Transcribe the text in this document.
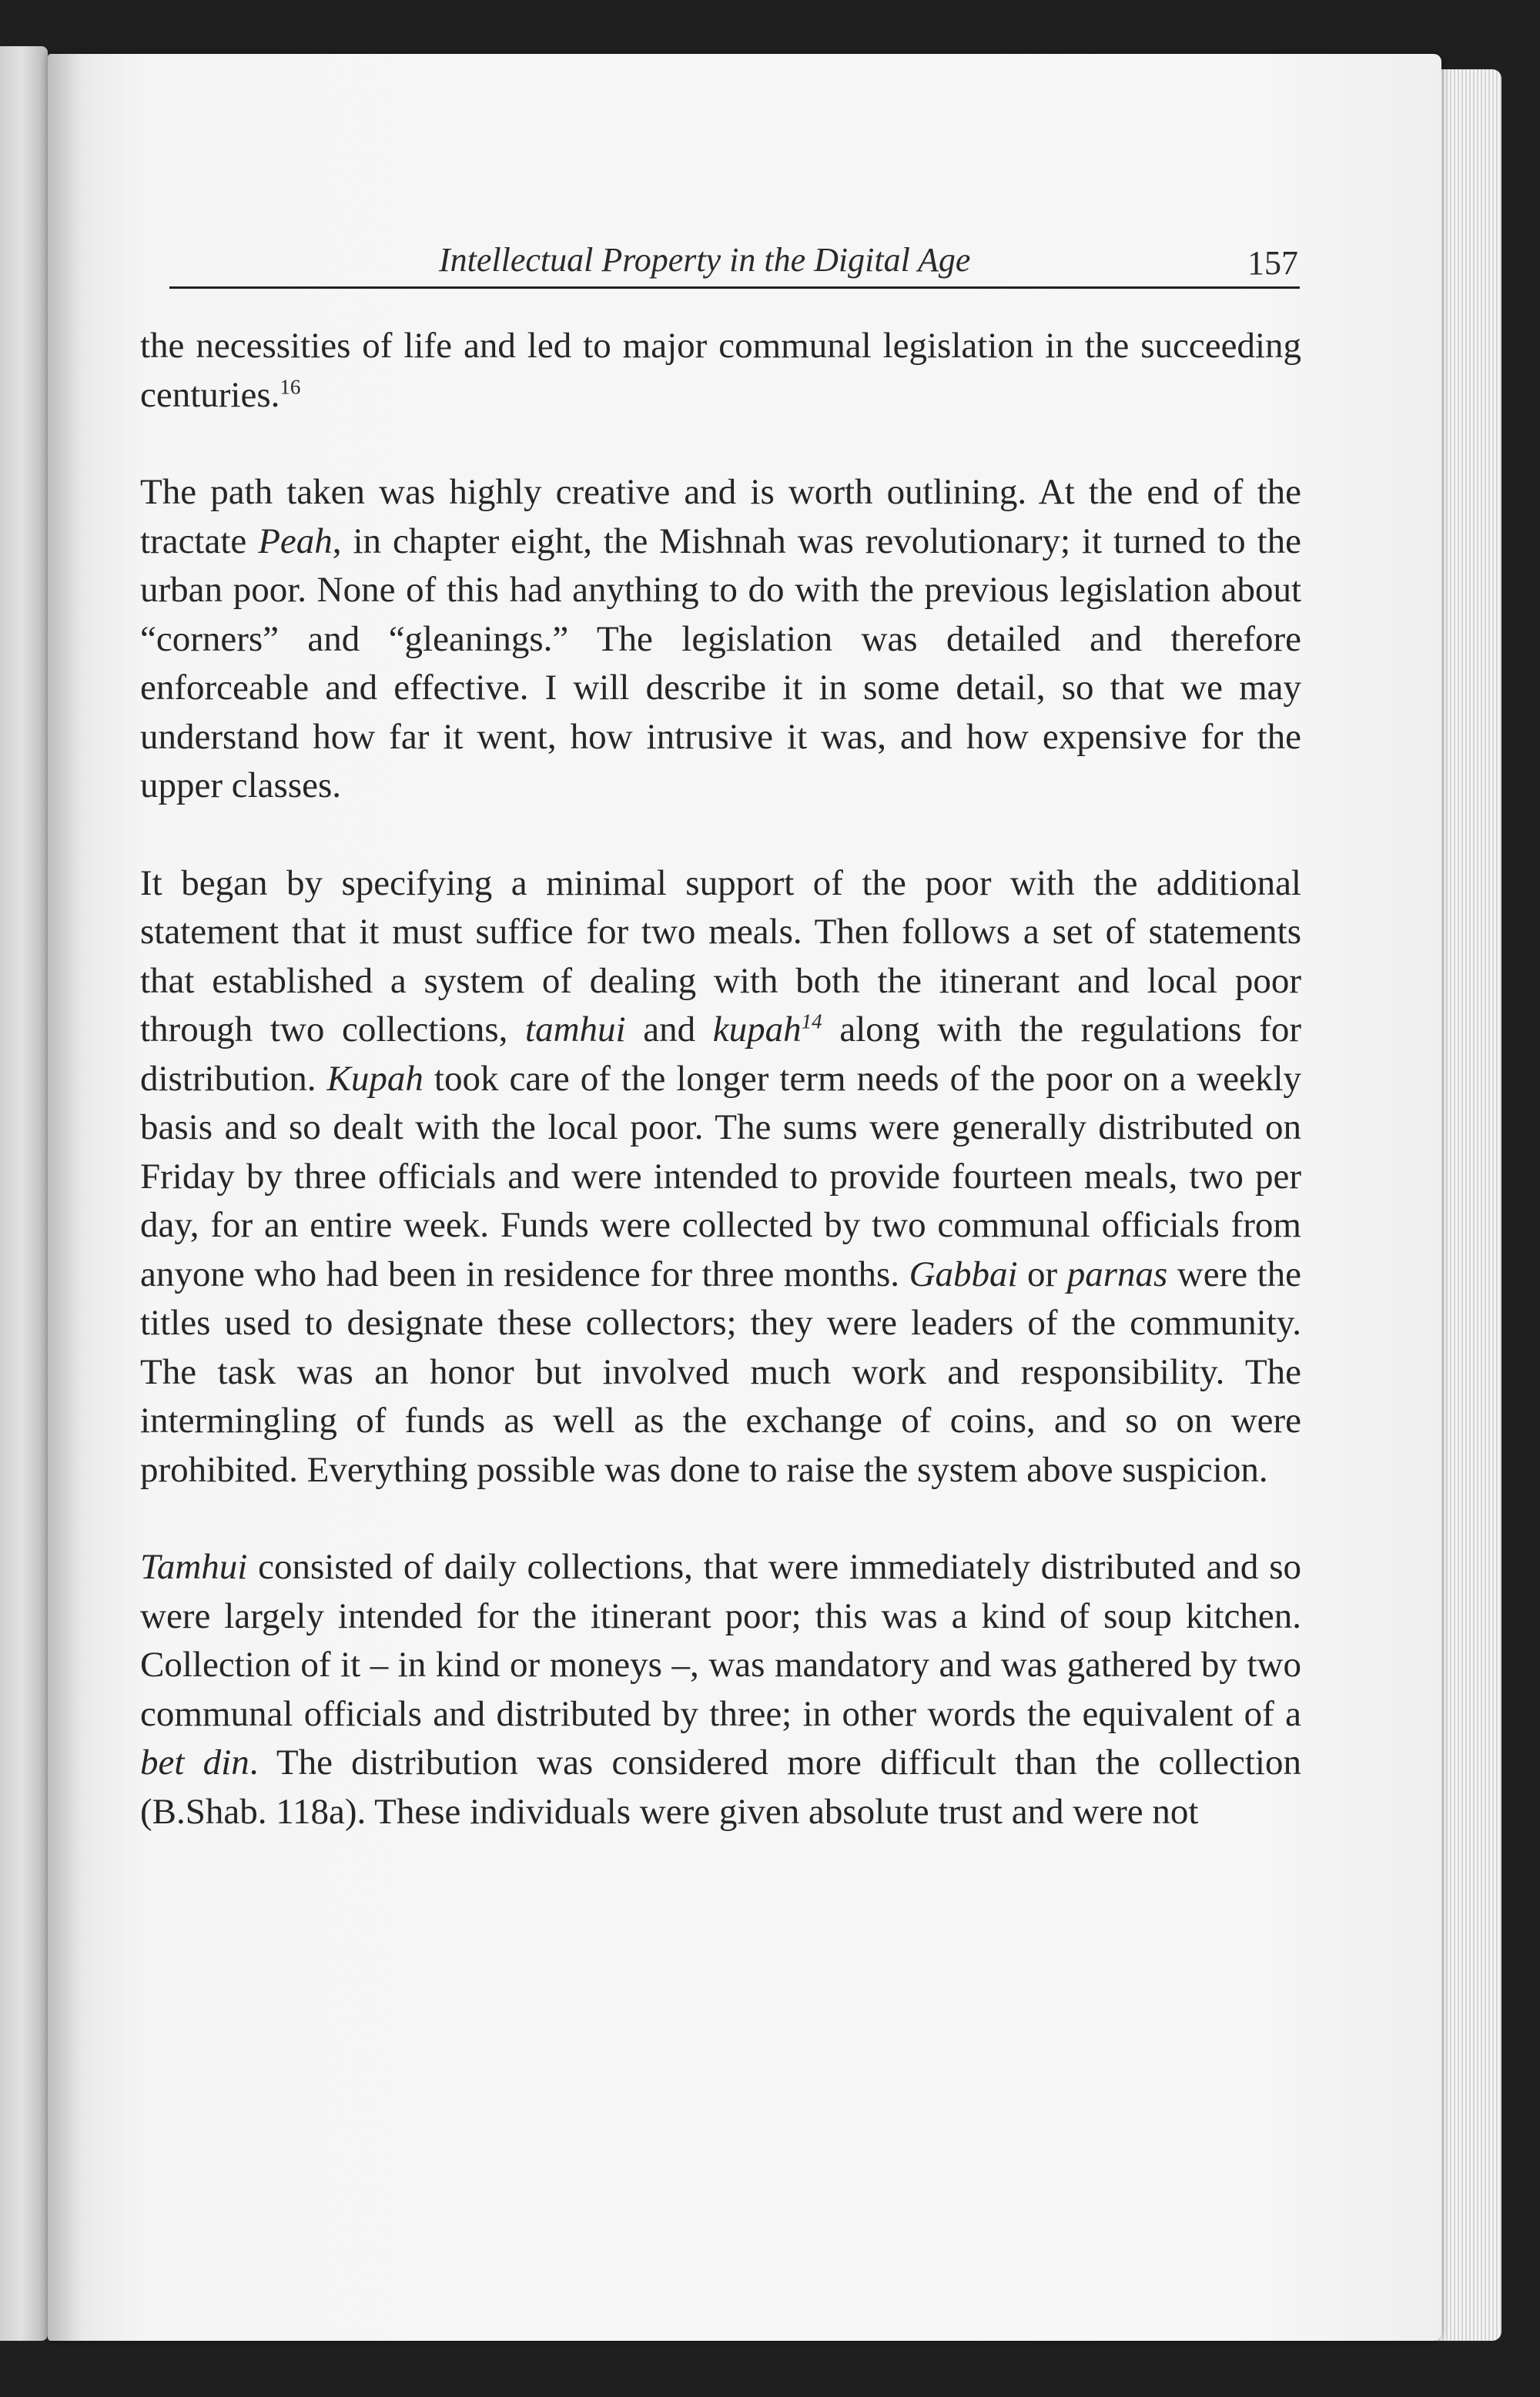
Intellectual Property in the Digital Age	157

the necessities of life and led to major communal legislation in the succeeding centuries.$^{16}$

The path taken was highly creative and is worth outlining. At the end of the tractate Peah, in chapter eight, the Mishnah was revolutionary; it turned to the urban poor. None of this had anything to do with the previous legislation about “corners” and “gleanings.” The legislation was detailed and therefore enforceable and effective. I will describe it in some detail, so that we may understand how far it went, how intrusive it was, and how expensive for the upper classes.

It began by specifying a minimal support of the poor with the additional statement that it must suffice for two meals. Then follows a set of statements that established a system of dealing with both the itinerant and local poor through two collections, tamhui and kupah$^{14}$ along with the regulations for distribution. Kupah took care of the longer term needs of the poor on a weekly basis and so dealt with the local poor. The sums were generally distributed on Friday by three officials and were intended to provide fourteen meals, two per day, for an entire week. Funds were collected by two communal officials from anyone who had been in residence for three months. Gabbai or parnas were the titles used to designate these collectors; they were leaders of the community. The task was an honor but involved much work and responsibility. The intermingling of funds as well as the exchange of coins, and so on were prohibited. Everything possible was done to raise the system above suspicion.

Tamhui consisted of daily collections, that were immediately distributed and so were largely intended for the itinerant poor; this was a kind of soup kitchen. Collection of it – in kind or moneys –, was mandatory and was gathered by two communal officials and distributed by three; in other words the equivalent of a bet din. The distribution was considered more difficult than the collection (B.Shab. 118a). These individuals were given absolute trust and were not
